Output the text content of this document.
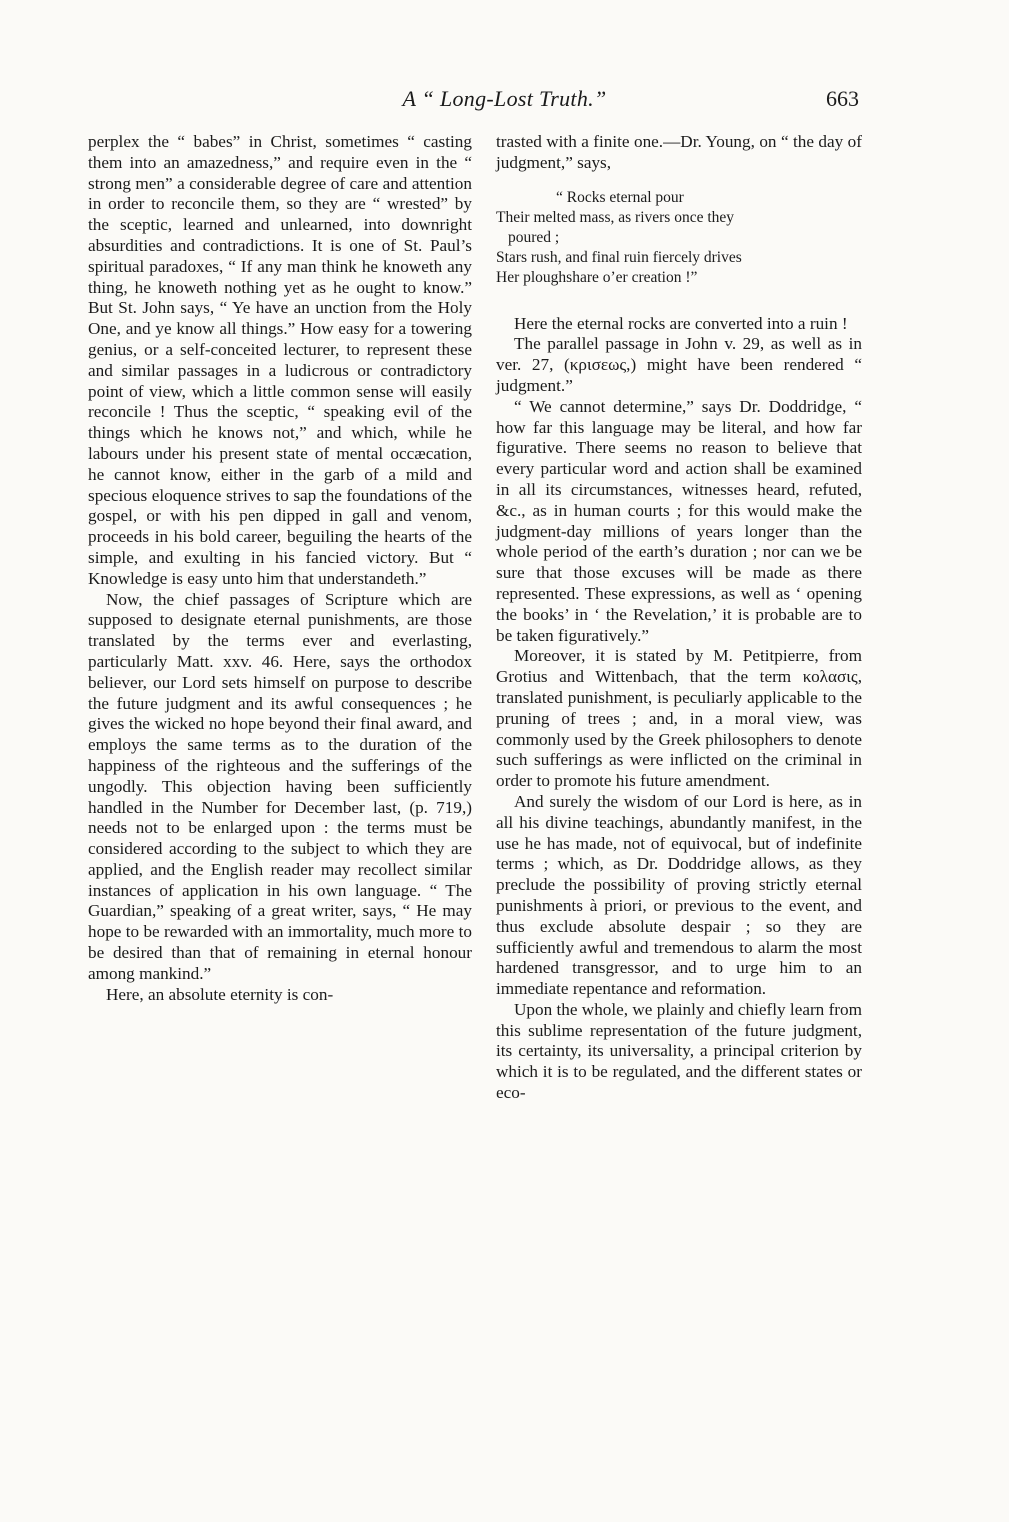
A “ Long-Lost Truth.”	663

perplex the “ babes” in Christ, sometimes “ casting them into an amazedness,” and require even in the “ strong men” a considerable degree of care and attention in order to reconcile them, so they are “ wrested” by the sceptic, learned and unlearned, into downright absurdities and contradictions. It is one of St. Paul’s spiritual paradoxes, “ If any man think he knoweth any thing, he knoweth nothing yet as he ought to know.” But St. John says, “ Ye have an unction from the Holy One, and ye know all things.” How easy for a towering genius, or a self-conceited lecturer, to represent these and similar passages in a ludicrous or contradictory point of view, which a little common sense will easily reconcile ! Thus the sceptic, “ speaking evil of the things which he knows not,” and which, while he labours under his present state of mental occæcation, he cannot know, either in the garb of a mild and specious eloquence strives to sap the foundations of the gospel, or with his pen dipped in gall and venom, proceeds in his bold career, beguiling the hearts of the simple, and exulting in his fancied victory. But “ Knowledge is easy unto him that understandeth.”

Now, the chief passages of Scripture which are supposed to designate eternal punishments, are those translated by the terms ever and everlasting, particularly Matt. xxv. 46. Here, says the orthodox believer, our Lord sets himself on purpose to describe the future judgment and its awful consequences ; he gives the wicked no hope beyond their final award, and employs the same terms as to the duration of the happiness of the righteous and the sufferings of the ungodly. This objection having been sufficiently handled in the Number for December last, (p. 719,) needs not to be enlarged upon : the terms must be considered according to the subject to which they are applied, and the English reader may recollect similar instances of application in his own language. “ The Guardian,” speaking of a great writer, says, “ He may hope to be rewarded with an immortality, much more to be desired than that of remaining in eternal honour among mankind.”

Here, an absolute eternity is con-

trasted with a finite one.—Dr. Young, on “ the day of judgment,” says,

“ Rocks eternal pour
Their melted mass, as rivers once they
poured ;
Stars rush, and final ruin fiercely drives
Her ploughshare o’er creation !”

Here the eternal rocks are converted into a ruin !

The parallel passage in John v. 29, as well as in ver. 27, (κρισεως,) might have been rendered “ judgment.”

“ We cannot determine,” says Dr. Doddridge, “ how far this language may be literal, and how far figurative. There seems no reason to believe that every particular word and action shall be examined in all its circumstances, witnesses heard, refuted, &c., as in human courts ; for this would make the judgment-day millions of years longer than the whole period of the earth’s duration ; nor can we be sure that those excuses will be made as there represented. These expressions, as well as ‘ opening the books’ in ‘ the Revelation,’ it is probable are to be taken figuratively.”

Moreover, it is stated by M. Petitpierre, from Grotius and Wittenbach, that the term κολασις, translated punishment, is peculiarly applicable to the pruning of trees ; and, in a moral view, was commonly used by the Greek philosophers to denote such sufferings as were inflicted on the criminal in order to promote his future amendment.

And surely the wisdom of our Lord is here, as in all his divine teachings, abundantly manifest, in the use he has made, not of equivocal, but of indefinite terms ; which, as Dr. Doddridge allows, as they preclude the possibility of proving strictly eternal punishments à priori, or previous to the event, and thus exclude absolute despair ; so they are sufficiently awful and tremendous to alarm the most hardened transgressor, and to urge him to an immediate repentance and reformation.

Upon the whole, we plainly and chiefly learn from this sublime representation of the future judgment, its certainty, its universality, a principal criterion by which it is to be regulated, and the different states or eco-
